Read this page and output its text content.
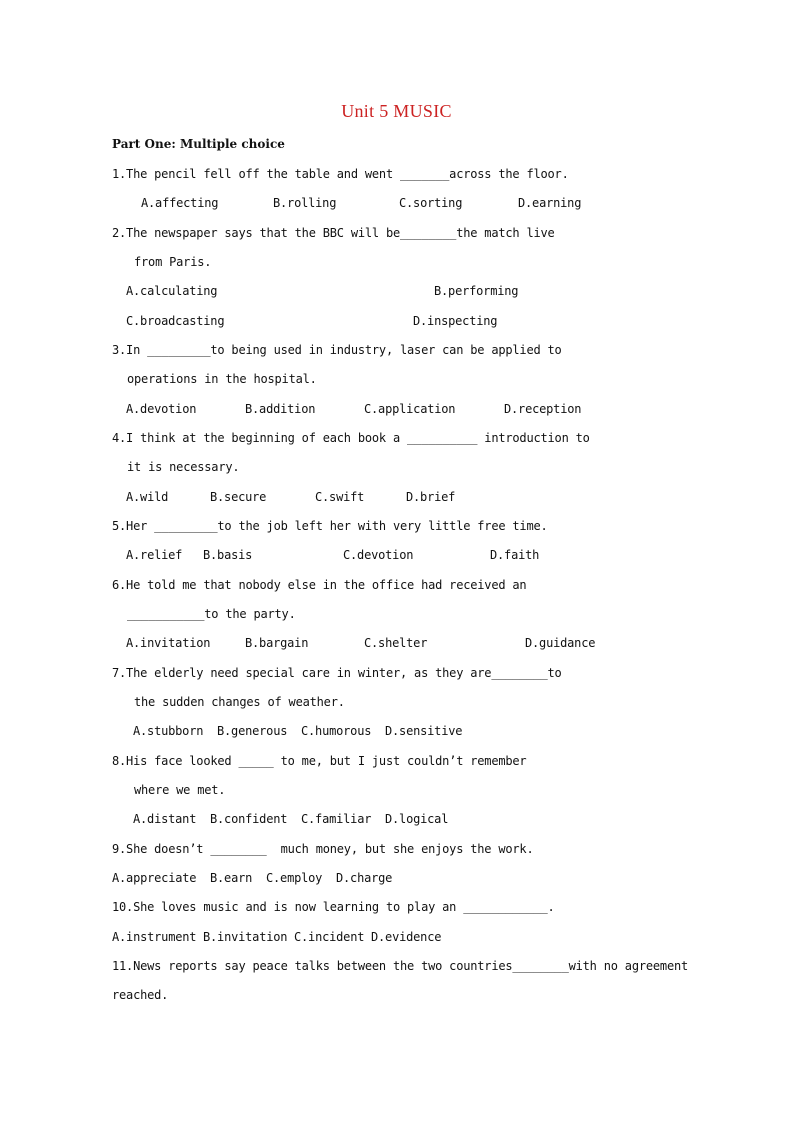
Unit 5 MUSIC
Part One: Multiple choice
1.The pencil fell off the table and went _______across the floor.
A.affecting	B.rolling	C.sorting	D.earning
2.The newspaper says that the BBC will be________the match live
from Paris.
A.calculating	B.performing
C.broadcasting	D.inspecting
3.In _________to being used in industry, laser can be applied to
operations in the hospital.
A.devotion	B.addition	C.application	D.reception
4.I think at the beginning of each book a __________ introduction to
it is necessary.
A.wild	B.secure	C.swift	D.brief
5.Her _________to the job left her with very little free time.
A.relief B.basis	C.devotion	D.faith
6.He told me that nobody else in the office had received an
___________to the party.
A.invitation	B.bargain	C.shelter	D.guidance
7.The elderly need special care in winter, as they are________to
the sudden changes of weather.
A.stubborn B.generous C.humorous D.sensitive
8.His face looked _____ to me, but I just couldn’t remember
where we met.
A.distant B.confident C.familiar D.logical
9.She doesn’t ________  much money, but she enjoys the work.
A.appreciate B.earn C.employ D.charge
10.She loves music and is now learning to play an ____________.
A.instrument B.invitation C.incident D.evidence
11.News reports say peace talks between the two countries________with no agreement
reached.
